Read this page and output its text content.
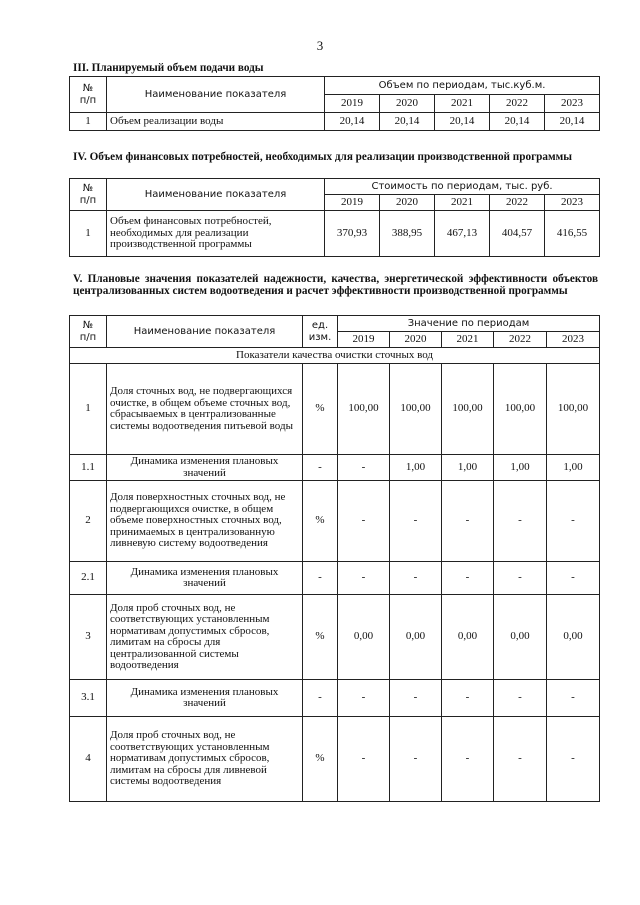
3
III. Планируемый объем подачи воды
№
п/п	Наименование показателя	Объем по периодам, тыс.куб.м.				
		2019	2020	2021	2022	2023
1	Объем реализации воды	20,14	20,14	20,14	20,14	20,14
IV. Объем финансовых потребностей, необходимых для реализации производственной программы
№
п/п	Наименование показателя	Стоимость по периодам, тыс. руб.				
		2019	2020	2021	2022	2023
1	Объем финансовых потребностей, необходимых для реализации производственной программы	370,93	388,95	467,13	404,57	416,55
V. Плановые значения показателей надежности, качества, энергетической эффективности объектов централизованных систем водоотведения и расчет эффективности производственной программы
№
п/п	Наименование показателя	ед.
изм.	Значение по периодам				
			2019	2020	2021	2022	2023
Показатели качества очистки сточных вод							
1	Доля сточных вод, не подвергающихся очистке, в общем объеме сточных вод, сбрасываемых в централизованные системы водоотведения питьевой воды	%	100,00	100,00	100,00	100,00	100,00
1.1	Динамика изменения плановых значений	-	-	1,00	1,00	1,00	1,00
2	Доля поверхностных сточных вод, не подвергающихся очистке, в общем объеме поверхностных сточных вод, принимаемых в централизованную ливневую систему водоотведения	%	-	-	-	-	-
2.1	Динамика изменения плановых значений	-	-	-	-	-	-
3	Доля проб сточных вод, не соответствующих установленным нормативам допустимых сбросов, лимитам на сбросы для централизованной системы водоотведения	%	0,00	0,00	0,00	0,00	0,00
3.1	Динамика изменения плановых значений	-	-	-	-	-	-
4	Доля проб сточных вод, не соответствующих установленным нормативам допустимых сбросов, лимитам на сбросы для ливневой системы водоотведения	%	-	-	-	-	-
